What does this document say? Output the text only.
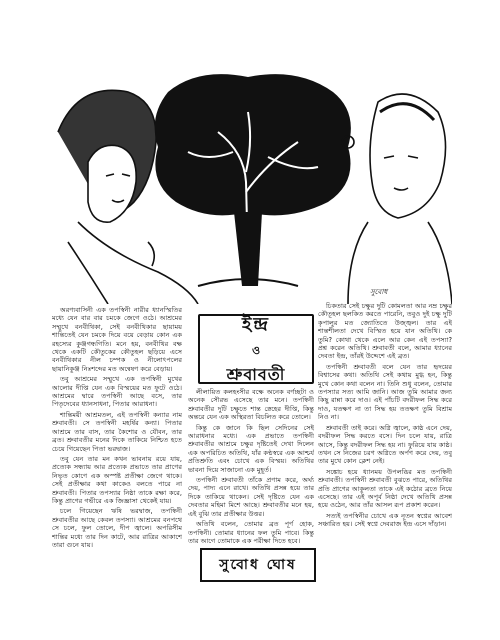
সুবোধ
ইন্দ্র
ও
শ্রুবাবতী

অরণ্যবাসিনী এক তপস্বিনী নারীর ধ্যানস্মিতির মধ্যে যেন বার বার চমকে জেগে ওঠে। আশ্রমের সম্মুখে বনবীথিকা, সেই বনবীথিকার ছায়াময় শান্তিতেই যেন চমকে দিয়ে বয়ে বেড়ায় কোন এক রহস্যের কুঞ্জগন্ধগিতি। মনে হয়, বনবীথির বক্ষ থেকে একটি কৌতুকের কৌতুহল ছড়িয়ে এসে বনবীথিকার নীল চম্পক ও নীলোৎপলের ছায়ানিকুঞ্জ নিঃশব্দের মত অন্বেষণ করে বেড়ায়।

তবু আশ্রমের সম্মুখে এক তপস্বিনী মুখের আলোর দীপ্তি যেন এক বিস্ময়ের মত ফুটে ওঠে। আশ্রমের দ্বারে তপস্বিনী আছে বসে, তার পিতৃদেবের ধ্যানসাধনা, পিতার আরাধনা।

শান্তিময়ী আশ্রমতল, এই তপস্বিনী কন্যার নাম শ্রুবাবতী। সে তপস্বিনী মহর্ষির কন্যা। পিতার আশ্রমে তার বাস, তার কৈশোর ও যৌবন, তার ব্রত। শ্রুবাবতীর মনের দিকে তাকিয়ে নিশ্চিত হতে চেয়ে গিয়েছেন পিতা ভরদ্বাজ।

তবু যেন তার মন কখন ভাবনায় রয়ে যায়, প্রত্যেক সন্ধ্যায় আর প্রত্যেক প্রভাতে তার প্রাণের নিভৃত কোণে এক অস্পষ্ট প্রতীক্ষা জেগে থাকে। সেই প্রতীক্ষার কথা কাকেও বলতে পারে না শ্রুবাবতী। পিতার তপস্যার নিষ্ঠা তাকে রক্ষা করে, কিন্তু প্রাণের গভীরে এক জিজ্ঞাসা থেকেই যায়।

চলে গিয়েছেন ঋষি ভরদ্বাজ, তপস্বিনী শ্রুবাবতীর আছে কেবল তপস্যা। আশ্রমের বনপথে সে চলে, ফুল তোলে, দীপ জ্বালে। অপরিসীম শান্তির মধ্যে তার দিন কাটে, আর রাত্রির আকাশে তারা গুনে যায়।

লীলায়িত কলহংসীর বক্ষে অনেক বর্ণচ্ছটা ও অনেক সৌরভ এসেছে তার মনে। তপস্বিনী শ্রুবাবতীর দুটি চক্ষুতে শান্ত স্নেহের দীপ্তি, কিন্তু অন্তরে যেন এক অস্থিরতা বিচলিত করে তোলে।

কিন্তু কে জানে কি ছিল সেদিনের সেই আরাধনার মধ্যে। এক প্রভাতে তপস্বিনী শ্রুবাবতীর আশ্রমে চক্ষুর দৃষ্টিতেই দেখা দিলেন এক অপরিচিত অতিথি, যাঁর কণ্ঠস্বরে এক আশ্চর্য প্রতিশ্রুতি এবং চোখে এক বিস্ময়। অতিথির ভাবনা দিয়ে সাজানো এক মুহূর্ত।

তপস্বিনী শ্রুবাবতী তাঁকে প্রণাম করে, অর্ঘ্য দেয়, পাদ্য এনে রাখে। অতিথি প্রসন্ন হয়ে তার দিকে তাকিয়ে থাকেন। সেই দৃষ্টিতে যেন এক দেবতার মহিমা মিশে আছে। শ্রুবাবতীর মনে হয়, এই বুঝি তার প্রতীক্ষার উত্তর।

অতিথি বলেন, তোমার ব্রত পূর্ণ হোক, তপস্বিনী। তোমার ধ্যানের ফল তুমি পাবে। কিন্তু তার আগে তোমাকে এক পরীক্ষা দিতে হবে।

সুবোধ ঘোষ

চিকতার সেই চক্ষুর দুটি কোমলতা আর নম্র চক্ষুর কৌতূহল ছলকিত করতে পারেনি, তবুও দুই চক্ষু দুটি কৃপালুর মত জ্যোতিতে উজ্জ্বল। তার এই শান্তশীলতা দেখে বিস্মিত হয়ে যান অতিথি। কে তুমি? কোথা থেকে এলে আর কেন এই তপস্যা? প্রশ্ন করেন অতিথি। শ্রুবাবতী বলে, আমার ধ্যানের দেবতা ইন্দ্র, তাঁরই উদ্দেশে এই ব্রত।

তপস্বিনী শ্রুবাবতী বলে যেন তার হৃদয়ের বিশ্বাসের কথা। অতিথি সেই কথায় মুগ্ধ হন, কিন্তু মুখে কোন কথা বলেন না। তিনি শুধু বলেন, তোমার তপস্যার সত্য আমি জানি। আজ তুমি আমার জন্য কিছু রান্না করে দাও। এই পাঁচটি বদরীফল সিদ্ধ করে দাও, যতক্ষণ না তা সিদ্ধ হয় ততক্ষণ তুমি বিশ্রাম নিও না।

শ্রুবাবতী তাই করে। অগ্নি জ্বালে, কাষ্ঠ এনে দেয়, বদরীফল সিদ্ধ করতে বসে। দিন চলে যায়, রাত্রি আসে, কিন্তু বদরীফল সিদ্ধ হয় না। ফুরিয়ে যায় কাষ্ঠ। তখন সে নিজের চরণ অগ্নিতে অর্পণ করে দেয়, তবু তার মুখে কোন ক্লেশ নেই।

সঙ্কোচ হয়ে ধ্যানময় উপলব্ধির মত তপস্বিনী শ্রুবাবতী। তপস্বিনী শ্রুবাবতী বুঝতে পারে, অতিথির প্রতি প্রাণের আকুলতা তাকে এই কঠোর ব্রতে নিয়ে এসেছে। তার এই অপূর্ব নিষ্ঠা দেখে অতিথি প্রসন্ন হয়ে ওঠেন, আর তাঁর আসল রূপ প্রকাশ করেন।

সত্যই তপস্বিনীর চোখে এক নূতন স্বপ্নের আবেশ সঞ্চারিত হয়। সেই স্বপ্নে দেবরাজ ইন্দ্র এসে দাঁড়ান।
